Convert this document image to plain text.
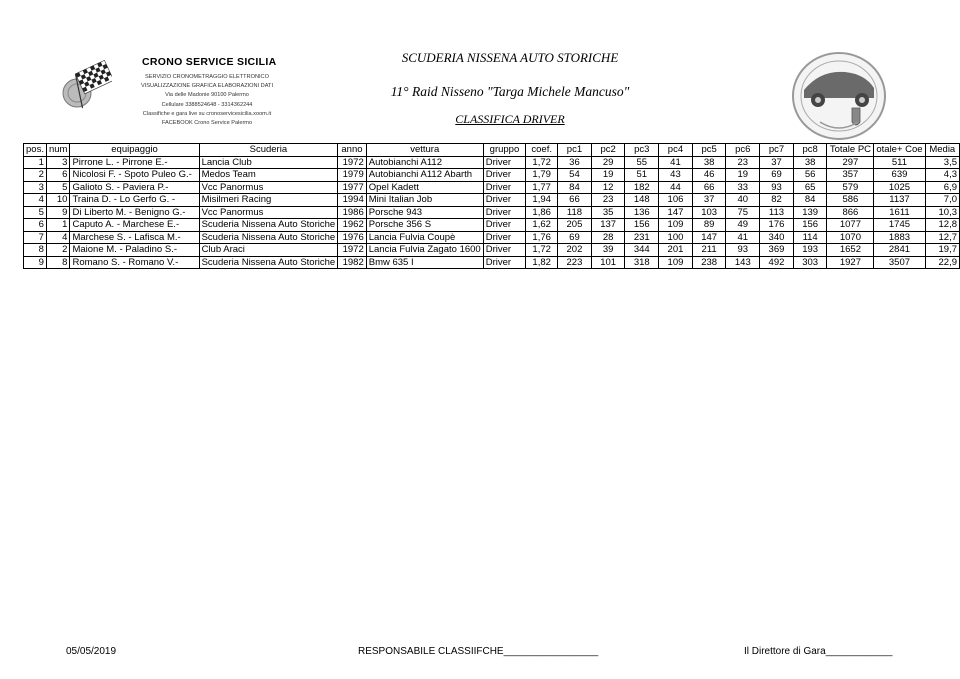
CRONO SERVICE SICILIA
SERVIZIO CRONOMETRAGGIO ELETTRONICO
VISUALIZZAZIONE GRAFICA ELABORAZIONI DATI
Via delle Madonie 90100 Palermo
Cellulare 3388524648 - 3314362244
Classifiche e gara live su cronoservicesicilia.xoom.it
FACEBOOK Crono Service Palermo
SCUDERIA NISSENA AUTO STORICHE
11° Raid Nisseno "Targa Michele Mancuso"
CLASSIFICA DRIVER
pos.	num	equipaggio	Scuderia	anno	vettura	gruppo	coef.	pc1	pc2	pc3	pc4	pc5	pc6	pc7	pc8	Totale PC	otale+ Coe	Media
1	3	Pirrone L. - Pirrone E.-	Lancia Club	1972	Autobianchi A112	Driver	1,72	36	29	55	41	38	23	37	38	297	511	3,5
2	6	Nicolosi F. - Spoto Puleo G.-	Medos Team	1979	Autobianchi A112 Abarth	Driver	1,79	54	19	51	43	46	19	69	56	357	639	4,3
3	5	Galioto S. - Paviera P.-	Vcc Panormus	1977	Opel Kadett	Driver	1,77	84	12	182	44	66	33	93	65	579	1025	6,9
4	10	Traina D. - Lo Gerfo G. -	Misilmeri Racing	1994	Mini Italian Job	Driver	1,94	66	23	148	106	37	40	82	84	586	1137	7,0
5	9	Di Liberto M. - Benigno G.-	Vcc Panormus	1986	Porsche 943	Driver	1,86	118	35	136	147	103	75	113	139	866	1611	10,3
6	1	Caputo A. - Marchese E.-	Scuderia Nissena Auto Storiche	1962	Porsche 356 S	Driver	1,62	205	137	156	109	89	49	176	156	1077	1745	12,8
7	4	Marchese S. - Lafisca M.-	Scuderia Nissena Auto Storiche	1976	Lancia Fulvia Coupè	Driver	1,76	69	28	231	100	147	41	340	114	1070	1883	12,7
8	2	Maione M. - Paladino S.-	Club Araci	1972	Lancia Fulvia Zagato 1600	Driver	1,72	202	39	344	201	211	93	369	193	1652	2841	19,7
9	8	Romano S. - Romano V.-	Scuderia Nissena Auto Storiche	1982	Bmw 635 I	Driver	1,82	223	101	318	109	238	143	492	303	1927	3507	22,9
05/05/2019	RESPONSABILE CLASSIIFCHE_________________	Il Direttore di Gara____________
